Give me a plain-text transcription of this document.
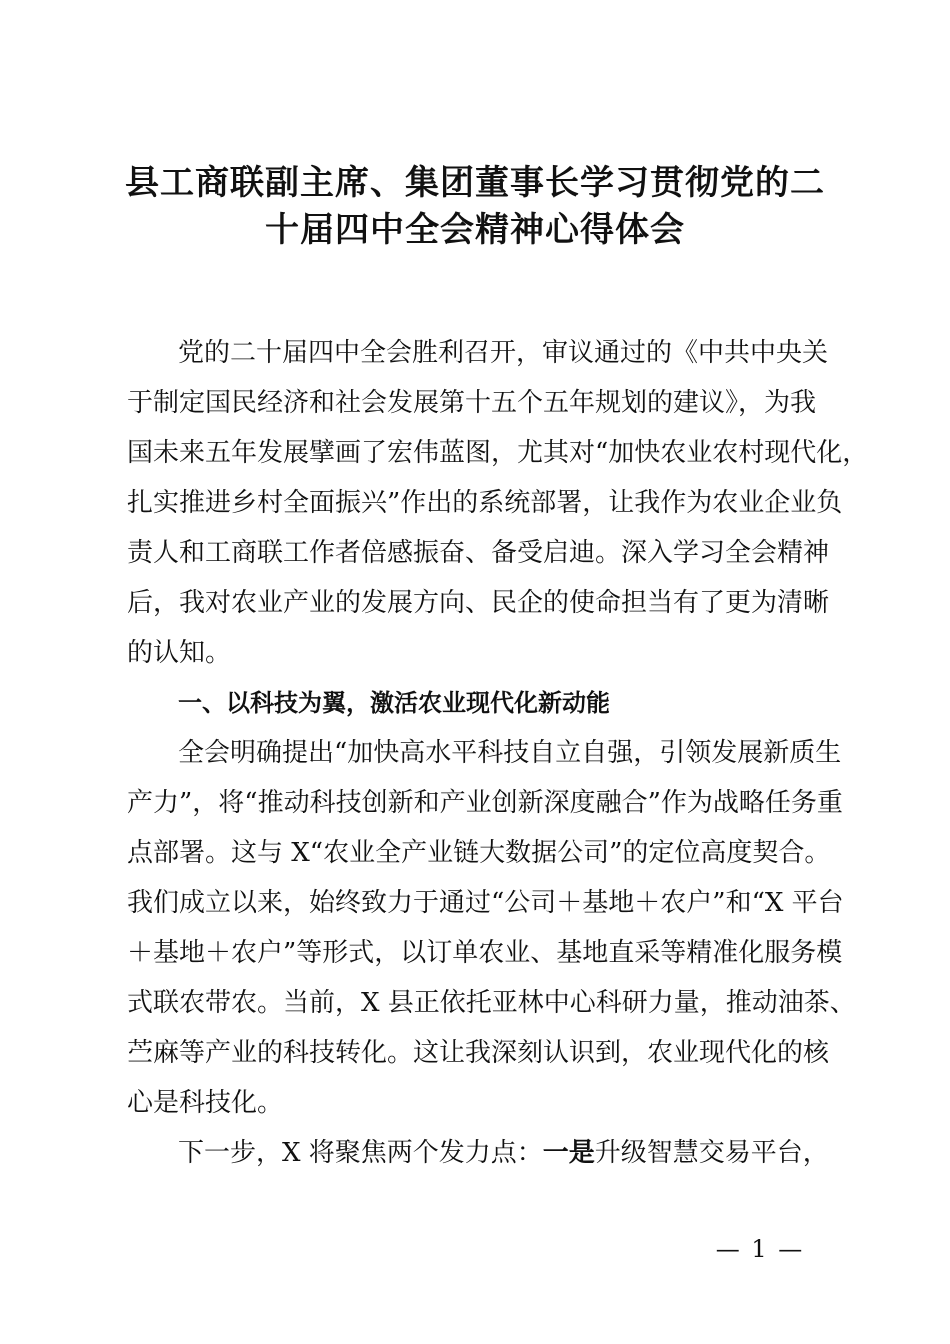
县工商联副主席、集团董事长学习贯彻党的二
十届四中全会精神心得体会

党的二十届四中全会胜利召开，审议通过的《中共中央关

于制定国民经济和社会发展第十五个五年规划的建议》，为我

国未来五年发展擘画了宏伟蓝图，尤其对“加快农业农村现代化，

扎实推进乡村全面振兴”作出的系统部署，让我作为农业企业负

责人和工商联工作者倍感振奋、备受启迪。深入学习全会精神

后，我对农业产业的发展方向、民企的使命担当有了更为清晰

的认知。

一、以科技为翼，激活农业现代化新动能

全会明确提出“加快高水平科技自立自强，引领发展新质生

产力”，将“推动科技创新和产业创新深度融合”作为战略任务重

点部署。这与 X“农业全产业链大数据公司”的定位高度契合。

我们成立以来，始终致力于通过“公司＋基地＋农户”和“X 平台

＋基地＋农户”等形式，以订单农业、基地直采等精准化服务模

式联农带农。当前，X 县正依托亚林中心科研力量，推动油茶、

苎麻等产业的科技转化。这让我深刻认识到，农业现代化的核

心是科技化。

下一步，X 将聚焦两个发力点：一是升级智慧交易平台，

— 1 —
